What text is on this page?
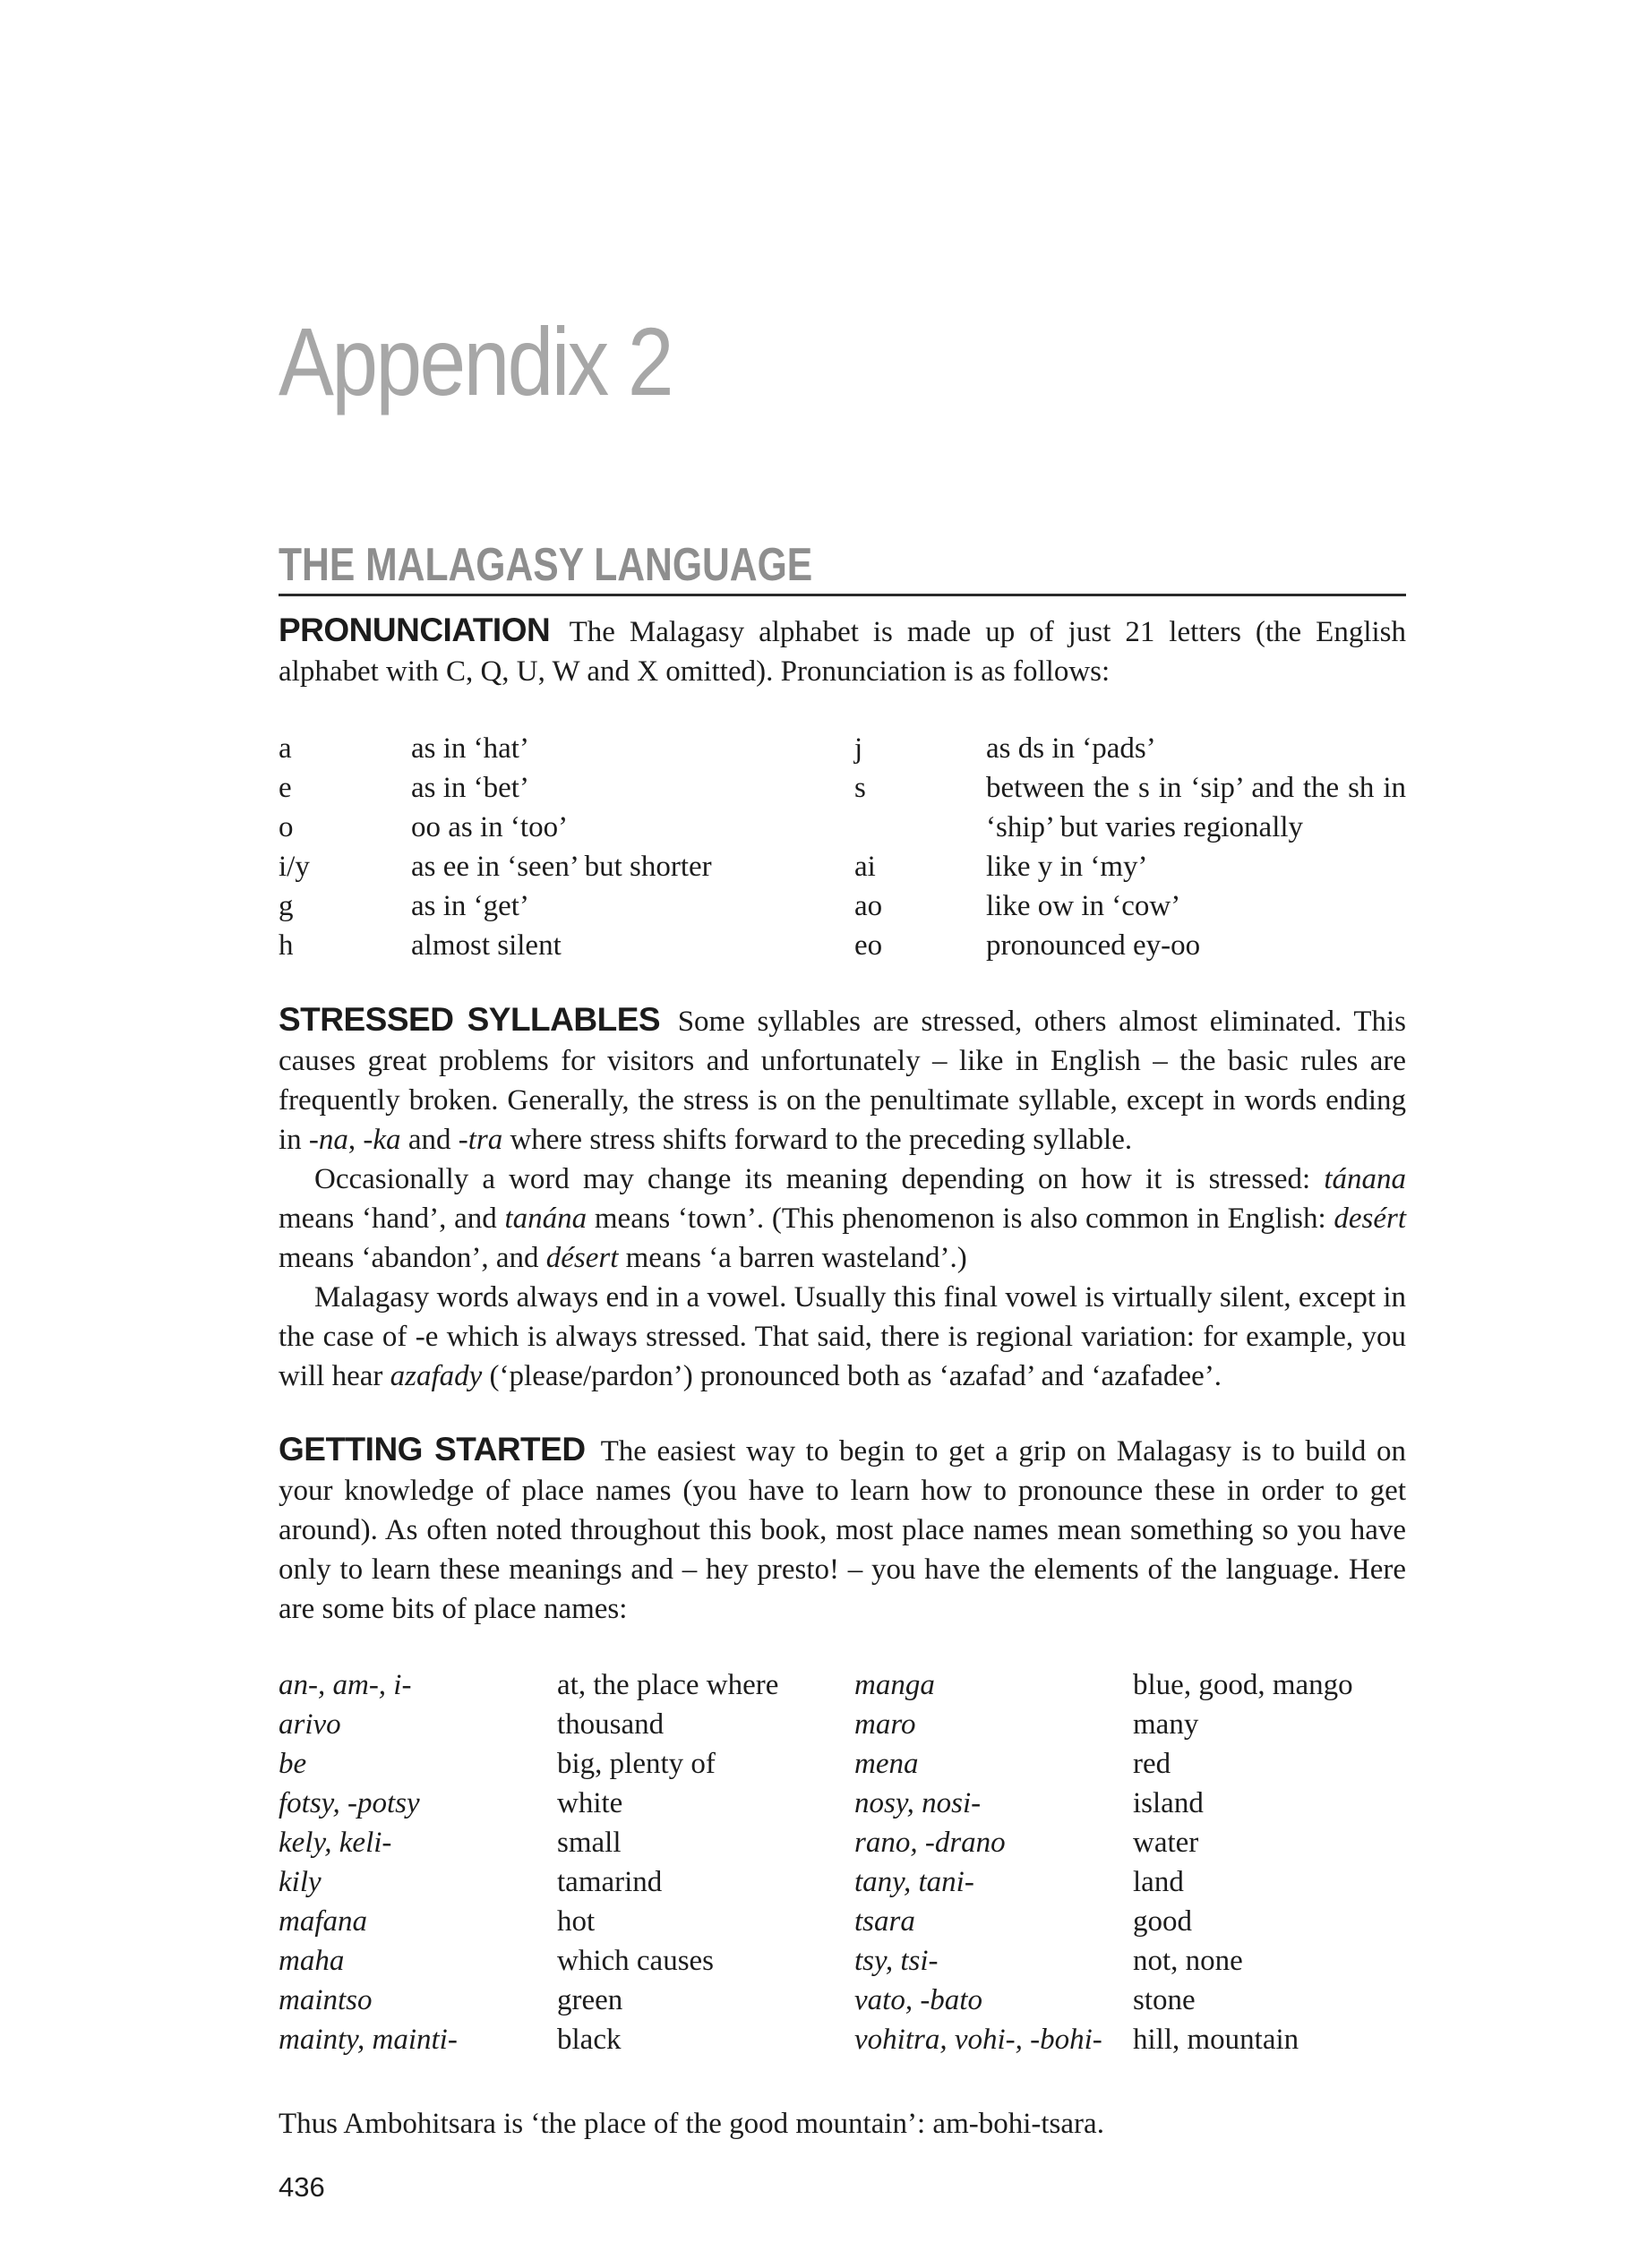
Appendix 2
THE MALAGASY LANGUAGE

PRONUNCIATION The Malagasy alphabet is made up of just 21 letters (the English alphabet with C, Q, U, W and X omitted). Pronunciation is as follows:

a	as in ‘hat’	j	as ds in ‘pads’
e	as in ‘bet’	s	between the s in ‘sip’ and the sh in ‘ship’ but varies regionally
o	oo as in ‘too’		
i/y	as ee in ‘seen’ but shorter	ai	like y in ‘my’
g	as in ‘get’	ao	like ow in ‘cow’
h	almost silent	eo	pronounced ey-oo

STRESSED SYLLABLES Some syllables are stressed, others almost eliminated. This causes great problems for visitors and unfortunately – like in English – the basic rules are frequently broken. Generally, the stress is on the penultimate syllable, except in words ending in -na, -ka and -tra where stress shifts forward to the preceding syllable.

Occasionally a word may change its meaning depending on how it is stressed: tánana means ‘hand’, and tanána means ‘town’. (This phenomenon is also common in English: desért means ‘abandon’, and désert means ‘a barren wasteland’.)

Malagasy words always end in a vowel. Usually this final vowel is virtually silent, except in the case of -e which is always stressed. That said, there is regional variation: for example, you will hear azafady (‘please/pardon’) pronounced both as ‘azafad’ and ‘azafadee’.

GETTING STARTED The easiest way to begin to get a grip on Malagasy is to build on your knowledge of place names (you have to learn how to pronounce these in order to get around). As often noted throughout this book, most place names mean something so you have only to learn these meanings and – hey presto! – you have the elements of the language. Here are some bits of place names:

an-, am-, i-	at, the place where	manga	blue, good, mango
arivo	thousand	maro	many
be	big, plenty of	mena	red
fotsy, -potsy	white	nosy, nosi-	island
kely, keli-	small	rano, -drano	water
kily	tamarind	tany, tani-	land
mafana	hot	tsara	good
maha	which causes	tsy, tsi-	not, none
maintso	green	vato, -bato	stone
mainty, mainti-	black	vohitra, vohi-, -bohi-	hill, mountain

Thus Ambohitsara is ‘the place of the good mountain’: am-bohi-tsara.

436
